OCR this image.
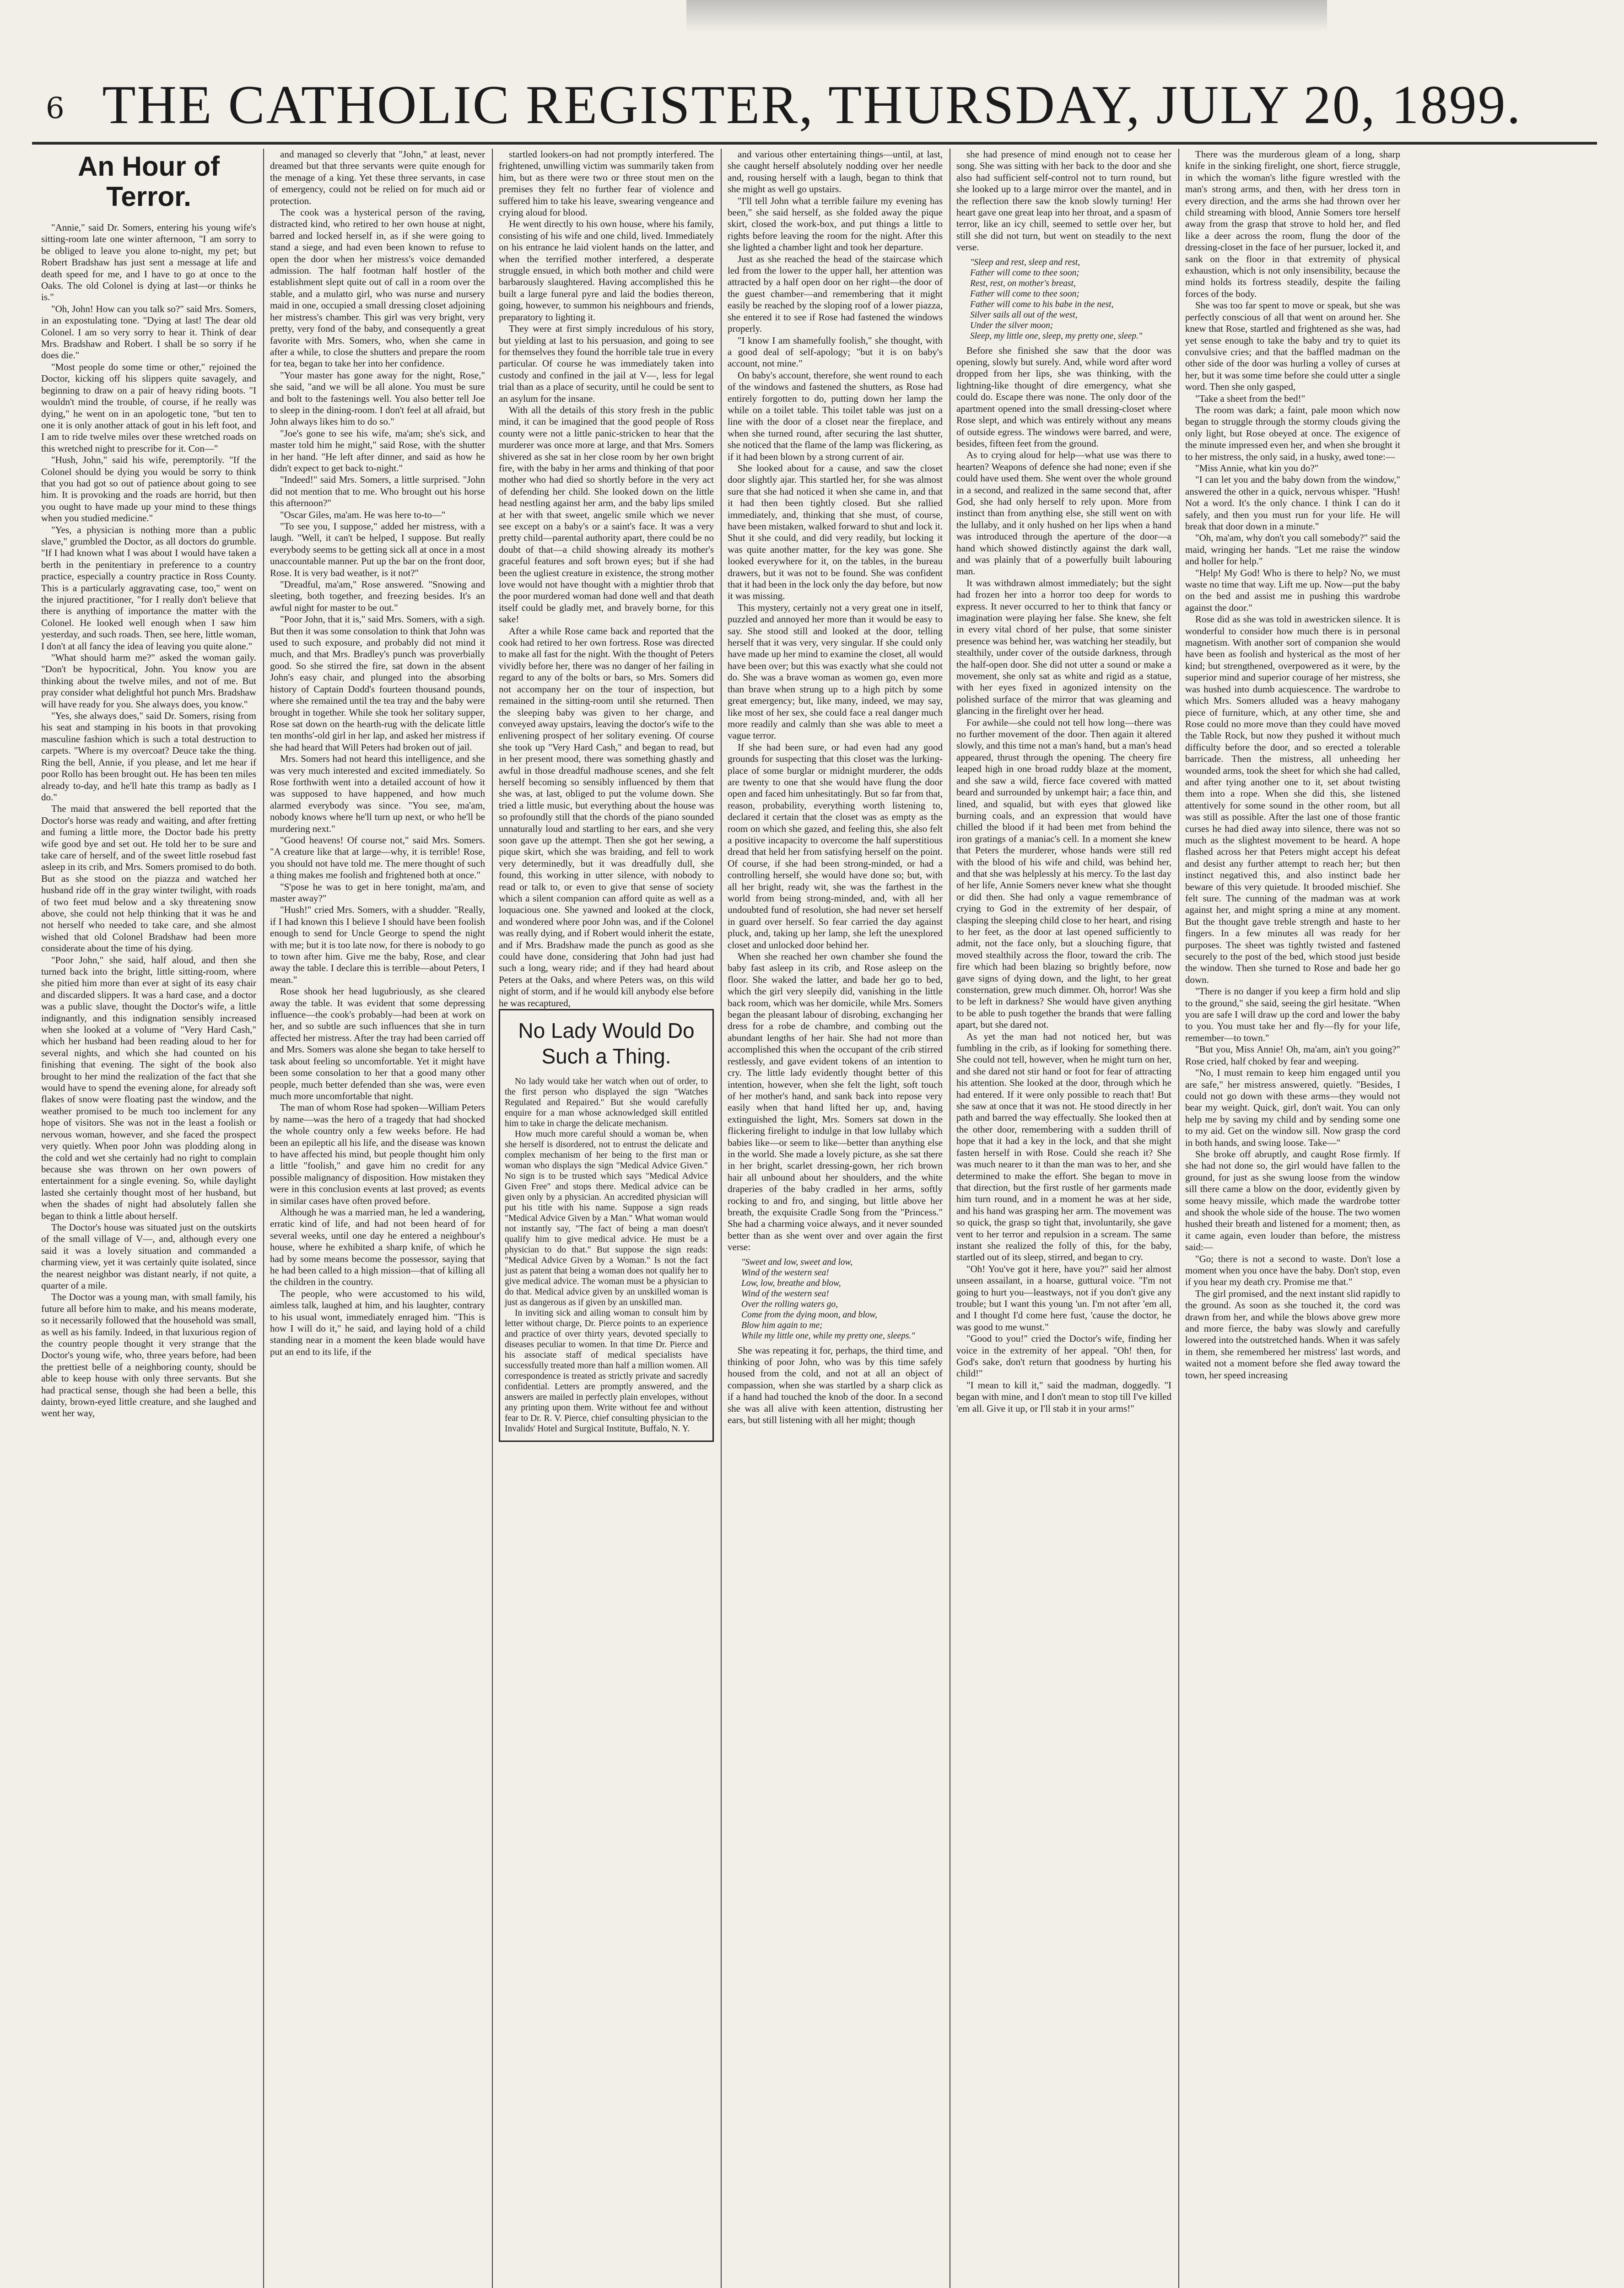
6 THE CATHOLIC REGISTER, THURSDAY, JULY 20, 1899.
An Hour of Terror.

"Annie," said Dr. Somers, entering his young wife's sitting-room late one winter afternoon, "I am sorry to be obliged to leave you alone to-night, my pet; but Robert Bradshaw has just sent a message at life and death speed for me, and I have to go at once to the Oaks. The old Colonel is dying at last—or thinks he is."

"Oh, John! How can you talk so?" said Mrs. Somers, in an expostulating tone. "Dying at last! The dear old Colonel. I am so very sorry to hear it. Think of dear Mrs. Bradshaw and Robert. I shall be so sorry if he does die."

"Most people do some time or other," rejoined the Doctor, kicking off his slippers quite savagely, and beginning to draw on a pair of heavy riding boots. "I wouldn't mind the trouble, of course, if he really was dying," he went on in an apologetic tone, "but ten to one it is only another attack of gout in his left foot, and I am to ride twelve miles over these wretched roads on this wretched night to prescribe for it. Con—"

"Hush, John," said his wife, peremptorily. "If the Colonel should be dying you would be sorry to think that you had got so out of patience about going to see him. It is provoking and the roads are horrid, but then you ought to have made up your mind to these things when you studied medicine."

"Yes, a physician is nothing more than a public slave," grumbled the Doctor, as all doctors do grumble. "If I had known what I was about I would have taken a berth in the penitentiary in preference to a country practice, especially a country practice in Ross County. This is a particularly aggravating case, too," went on the injured practitioner, "for I really don't believe that there is anything of importance the matter with the Colonel. He looked well enough when I saw him yesterday, and such roads. Then, see here, little woman, I don't at all fancy the idea of leaving you quite alone."

"What should harm me?" asked the woman gaily. "Don't be hypocritical, John. You know you are thinking about the twelve miles, and not of me. But pray consider what delightful hot punch Mrs. Bradshaw will have ready for you. She always does, you know."

"Yes, she always does," said Dr. Somers, rising from his seat and stamping in his boots in that provoking masculine fashion which is such a total destruction to carpets. "Where is my overcoat? Deuce take the thing. Ring the bell, Annie, if you please, and let me hear if poor Rollo has been brought out. He has been ten miles already to-day, and he'll hate this tramp as badly as I do."

The maid that answered the bell reported that the Doctor's horse was ready and waiting, and after fretting and fuming a little more, the Doctor bade his pretty wife good bye and set out. He told her to be sure and take care of herself, and of the sweet little rosebud fast asleep in its crib, and Mrs. Somers promised to do both. But as she stood on the piazza and watched her husband ride off in the gray winter twilight, with roads of two feet mud below and a sky threatening snow above, she could not help thinking that it was he and not herself who needed to take care, and she almost wished that old Colonel Bradshaw had been more considerate about the time of his dying.

"Poor John," she said, half aloud, and then she turned back into the bright, little sitting-room, where she pitied him more than ever at sight of its easy chair and discarded slippers. It was a hard case, and a doctor was a public slave, thought the Doctor's wife, a little indignantly, and this indignation sensibly increased when she looked at a volume of "Very Hard Cash," which her husband had been reading aloud to her for several nights, and which she had counted on his finishing that evening. The sight of the book also brought to her mind the realization of the fact that she would have to spend the evening alone, for already soft flakes of snow were floating past the window, and the weather promised to be much too inclement for any hope of visitors. She was not in the least a foolish or nervous woman, however, and she faced the prospect very quietly. When poor John was plodding along in the cold and wet she certainly had no right to complain because she was thrown on her own powers of entertainment for a single evening. So, while daylight lasted she certainly thought most of her husband, but when the shades of night had absolutely fallen she began to think a little about herself.

The Doctor's house was situated just on the outskirts of the small village of V—, and, although every one said it was a lovely situation and commanded a charming view, yet it was certainly quite isolated, since the nearest neighbor was distant nearly, if not quite, a quarter of a mile.

The Doctor was a young man, with small family, his future all before him to make, and his means moderate, so it necessarily followed that the household was small, as well as his family. Indeed, in that luxurious region of the country people thought it very strange that the Doctor's young wife, who, three years before, had been the prettiest belle of a neighboring county, should be able to keep house with only three servants. But she had practical sense, though she had been a belle, this dainty, brown-eyed little creature, and she laughed and went her way,

and managed so cleverly that "John," at least, never dreamed but that three servants were quite enough for the menage of a king. Yet these three servants, in case of emergency, could not be relied on for much aid or protection.

The cook was a hysterical person of the raving, distracted kind, who retired to her own house at night, barred and locked herself in, as if she were going to stand a siege, and had even been known to refuse to open the door when her mistress's voice demanded admission. The half footman half hostler of the establishment slept quite out of call in a room over the stable, and a mulatto girl, who was nurse and nursery maid in one, occupied a small dressing closet adjoining her mistress's chamber. This girl was very bright, very pretty, very fond of the baby, and consequently a great favorite with Mrs. Somers, who, when she came in after a while, to close the shutters and prepare the room for tea, began to take her into her confidence.

"Your master has gone away for the night, Rose," she said, "and we will be all alone. You must be sure and bolt to the fastenings well. You also better tell Joe to sleep in the dining-room. I don't feel at all afraid, but John always likes him to do so."

"Joe's gone to see his wife, ma'am; she's sick, and master told him he might," said Rose, with the shutter in her hand. "He left after dinner, and said as how he didn't expect to get back to-night."

"Indeed!" said Mrs. Somers, a little surprised. "John did not mention that to me. Who brought out his horse this afternoon?"

"Oscar Giles, ma'am. He was here to-to—"

"To see you, I suppose," added her mistress, with a laugh. "Well, it can't be helped, I suppose. But really everybody seems to be getting sick all at once in a most unaccountable manner. Put up the bar on the front door, Rose. It is very bad weather, is it not?"

"Dreadful, ma'am," Rose answered. "Snowing and sleeting, both together, and freezing besides. It's an awful night for master to be out."

"Poor John, that it is," said Mrs. Somers, with a sigh. But then it was some consolation to think that John was used to such exposure, and probably did not mind it much, and that Mrs. Bradley's punch was proverbially good. So she stirred the fire, sat down in the absent John's easy chair, and plunged into the absorbing history of Captain Dodd's fourteen thousand pounds, where she remained until the tea tray and the baby were brought in together. While she took her solitary supper, Rose sat down on the hearth-rug with the delicate little ten months'-old girl in her lap, and asked her mistress if she had heard that Will Peters had broken out of jail.

Mrs. Somers had not heard this intelligence, and she was very much interested and excited immediately. So Rose forthwith went into a detailed account of how it was supposed to have happened, and how much alarmed everybody was since. "You see, ma'am, nobody knows where he'll turn up next, or who he'll be murdering next."

"Good heavens! Of course not," said Mrs. Somers. "A creature like that at large—why, it is terrible! Rose, you should not have told me. The mere thought of such a thing makes me foolish and frightened both at once."

"S'pose he was to get in here tonight, ma'am, and master away?"

"Hush!" cried Mrs. Somers, with a shudder. "Really, if I had known this I believe I should have been foolish enough to send for Uncle George to spend the night with me; but it is too late now, for there is nobody to go to town after him. Give me the baby, Rose, and clear away the table. I declare this is terrible—about Peters, I mean."

Rose shook her head lugubriously, as she cleared away the table. It was evident that some depressing influence—the cook's probably—had been at work on her, and so subtle are such influences that she in turn affected her mistress. After the tray had been carried off and Mrs. Somers was alone she began to take herself to task about feeling so uncomfortable. Yet it might have been some consolation to her that a good many other people, much better defended than she was, were even much more uncomfortable that night.

The man of whom Rose had spoken—William Peters by name—was the hero of a tragedy that had shocked the whole country only a few weeks before. He had been an epileptic all his life, and the disease was known to have affected his mind, but people thought him only a little "foolish," and gave him no credit for any possible malignancy of disposition. How mistaken they were in this conclusion events at last proved; as events in similar cases have often proved before.

Although he was a married man, he led a wandering, erratic kind of life, and had not been heard of for several weeks, until one day he entered a neighbour's house, where he exhibited a sharp knife, of which he had by some means become the possessor, saying that he had been called to a high mission—that of killing all the children in the country.

The people, who were accustomed to his wild, aimless talk, laughed at him, and his laughter, contrary to his usual wont, immediately enraged him. "This is how I will do it," he said, and laying hold of a child standing near in a moment the keen blade would have put an end to its life, if the

startled lookers-on had not promptly interfered. The frightened, unwilling victim was summarily taken from him, but as there were two or three stout men on the premises they felt no further fear of violence and suffered him to take his leave, swearing vengeance and crying aloud for blood.

He went directly to his own house, where his family, consisting of his wife and one child, lived. Immediately on his entrance he laid violent hands on the latter, and when the terrified mother interfered, a desperate struggle ensued, in which both mother and child were barbarously slaughtered. Having accomplished this he built a large funeral pyre and laid the bodies thereon, going, however, to summon his neighbours and friends, preparatory to lighting it.

They were at first simply incredulous of his story, but yielding at last to his persuasion, and going to see for themselves they found the horrible tale true in every particular. Of course he was immediately taken into custody and confined in the jail at V—, less for legal trial than as a place of security, until he could be sent to an asylum for the insane.

With all the details of this story fresh in the public mind, it can be imagined that the good people of Ross county were not a little panic-stricken to hear that the murderer was once more at large, and that Mrs. Somers shivered as she sat in her close room by her own bright fire, with the baby in her arms and thinking of that poor mother who had died so shortly before in the very act of defending her child. She looked down on the little head nestling against her arm, and the baby lips smiled at her with that sweet, angelic smile which we never see except on a baby's or a saint's face. It was a very pretty child—parental authority apart, there could be no doubt of that—a child showing already its mother's graceful features and soft brown eyes; but if she had been the ugliest creature in existence, the strong mother love would not have thought with a mightier throb that the poor murdered woman had done well and that death itself could be gladly met, and bravely borne, for this sake!

After a while Rose came back and reported that the cook had retired to her own fortress. Rose was directed to make all fast for the night. With the thought of Peters vividly before her, there was no danger of her failing in regard to any of the bolts or bars, so Mrs. Somers did not accompany her on the tour of inspection, but remained in the sitting-room until she returned. Then the sleeping baby was given to her charge, and conveyed away upstairs, leaving the doctor's wife to the enlivening prospect of her solitary evening. Of course she took up "Very Hard Cash," and began to read, but in her present mood, there was something ghastly and awful in those dreadful madhouse scenes, and she felt herself becoming so sensibly influenced by them that she was, at last, obliged to put the volume down. She tried a little music, but everything about the house was so profoundly still that the chords of the piano sounded unnaturally loud and startling to her ears, and she very soon gave up the attempt. Then she got her sewing, a pique skirt, which she was braiding, and fell to work very determinedly, but it was dreadfully dull, she found, this working in utter silence, with nobody to read or talk to, or even to give that sense of society which a silent companion can afford quite as well as a loquacious one. She yawned and looked at the clock, and wondered where poor John was, and if the Colonel was really dying, and if Robert would inherit the estate, and if Mrs. Bradshaw made the punch as good as she could have done, considering that John had just had such a long, weary ride; and if they had heard about Peters at the Oaks, and where Peters was, on this wild night of storm, and if he would kill anybody else before he was recaptured,

No Lady Would Do Such a Thing.

No lady would take her watch when out of order, to the first person who displayed the sign "Watches Regulated and Repaired." But she would carefully enquire for a man whose acknowledged skill entitled him to take in charge the delicate mechanism.

How much more careful should a woman be, when she herself is disordered, not to entrust the delicate and complex mechanism of her being to the first man or woman who displays the sign "Medical Advice Given." No sign is to be trusted which says "Medical Advice Given Free" and stops there. Medical advice can be given only by a physician. An accredited physician will put his title with his name. Suppose a sign reads "Medical Advice Given by a Man." What woman would not instantly say, "The fact of being a man doesn't qualify him to give medical advice. He must be a physician to do that." But suppose the sign reads: "Medical Advice Given by a Woman." Is not the fact just as patent that being a woman does not qualify her to give medical advice. The woman must be a physician to do that. Medical advice given by an unskilled woman is just as dangerous as if given by an unskilled man.

In inviting sick and ailing woman to consult him by letter without charge, Dr. Pierce points to an experience and practice of over thirty years, devoted specially to diseases peculiar to women. In that time Dr. Pierce and his associate staff of medical specialists have successfully treated more than half a million women. All correspondence is treated as strictly private and sacredly confidential. Letters are promptly answered, and the answers are mailed in perfectly plain envelopes, without any printing upon them. Write without fee and without fear to Dr. R. V. Pierce, chief consulting physician to the Invalids' Hotel and Surgical Institute, Buffalo, N. Y.

and various other entertaining things—until, at last, she caught herself absolutely nodding over her needle and, rousing herself with a laugh, began to think that she might as well go upstairs.

"I'll tell John what a terrible failure my evening has been," she said herself, as she folded away the pique skirt, closed the work-box, and put things a little to rights before leaving the room for the night. After this she lighted a chamber light and took her departure.

Just as she reached the head of the staircase which led from the lower to the upper hall, her attention was attracted by a half open door on her right—the door of the guest chamber—and remembering that it might easily be reached by the sloping roof of a lower piazza, she entered it to see if Rose had fastened the windows properly.

"I know I am shamefully foolish," she thought, with a good deal of self-apology; "but it is on baby's account, not mine."

On baby's account, therefore, she went round to each of the windows and fastened the shutters, as Rose had entirely forgotten to do, putting down her lamp the while on a toilet table. This toilet table was just on a line with the door of a closet near the fireplace, and when she turned round, after securing the last shutter, she noticed that the flame of the lamp was flickering, as if it had been blown by a strong current of air.

She looked about for a cause, and saw the closet door slightly ajar. This startled her, for she was almost sure that she had noticed it when she came in, and that it had then been tightly closed. But she rallied immediately, and, thinking that she must, of course, have been mistaken, walked forward to shut and lock it. Shut it she could, and did very readily, but locking it was quite another matter, for the key was gone. She looked everywhere for it, on the tables, in the bureau drawers, but it was not to be found. She was confident that it had been in the lock only the day before, but now it was missing.

This mystery, certainly not a very great one in itself, puzzled and annoyed her more than it would be easy to say. She stood still and looked at the door, telling herself that it was very, very singular. If she could only have made up her mind to examine the closet, all would have been over; but this was exactly what she could not do. She was a brave woman as women go, even more than brave when strung up to a high pitch by some great emergency; but, like many, indeed, we may say, like most of her sex, she could face a real danger much more readily and calmly than she was able to meet a vague terror.

If she had been sure, or had even had any good grounds for suspecting that this closet was the lurking-place of some burglar or midnight murderer, the odds are twenty to one that she would have flung the door open and faced him unhesitatingly. But so far from that, reason, probability, everything worth listening to, declared it certain that the closet was as empty as the room on which she gazed, and feeling this, she also felt a positive incapacity to overcome the half superstitious dread that held her from satisfying herself on the point. Of course, if she had been strong-minded, or had a controlling herself, she would have done so; but, with all her bright, ready wit, she was the farthest in the world from being strong-minded, and, with all her undoubted fund of resolution, she had never set herself in guard over herself. So fear carried the day against pluck, and, taking up her lamp, she left the unexplored closet and unlocked door behind her.

When she reached her own chamber she found the baby fast asleep in its crib, and Rose asleep on the floor. She waked the latter, and bade her go to bed, which the girl very sleepily did, vanishing in the little back room, which was her domicile, while Mrs. Somers began the pleasant labour of disrobing, exchanging her dress for a robe de chambre, and combing out the abundant lengths of her hair. She had not more than accomplished this when the occupant of the crib stirred restlessly, and gave evident tokens of an intention to cry. The little lady evidently thought better of this intention, however, when she felt the light, soft touch of her mother's hand, and sank back into repose very easily when that hand lifted her up, and, having extinguished the light, Mrs. Somers sat down in the flickering firelight to indulge in that low lullaby which babies like—or seem to like—better than anything else in the world. She made a lovely picture, as she sat there in her bright, scarlet dressing-gown, her rich brown hair all unbound about her shoulders, and the white draperies of the baby cradled in her arms, softly rocking to and fro, and singing, but little above her breath, the exquisite Cradle Song from the "Princess." She had a charming voice always, and it never sounded better than as she went over and over again the first verse:

"Sweet and low, sweet and low,
Wind of the western sea!
Low, low, breathe and blow,
Wind of the western sea!
Over the rolling waters go,
Come from the dying moon, and blow,
Blow him again to me;
While my little one, while my pretty one, sleeps."

She was repeating it for, perhaps, the third time, and thinking of poor John, who was by this time safely housed from the cold, and not at all an object of compassion, when she was startled by a sharp click as if a hand had touched the knob of the door. In a second she was all alive with keen attention, distrusting her ears, but still listening with all her might; though

she had presence of mind enough not to cease her song. She was sitting with her back to the door and she also had sufficient self-control not to turn round, but she looked up to a large mirror over the mantel, and in the reflection there saw the knob slowly turning! Her heart gave one great leap into her throat, and a spasm of terror, like an icy chill, seemed to settle over her, but still she did not turn, but went on steadily to the next verse.

"Sleep and rest, sleep and rest,
Father will come to thee soon;
Rest, rest, on mother's breast,
Father will come to thee soon;
Father will come to his babe in the nest,
Silver sails all out of the west,
Under the silver moon;
Sleep, my little one, sleep, my pretty one, sleep."

Before she finished she saw that the door was opening, slowly but surely. And, while word after word dropped from her lips, she was thinking, with the lightning-like thought of dire emergency, what she could do. Escape there was none. The only door of the apartment opened into the small dressing-closet where Rose slept, and which was entirely without any means of outside egress. The windows were barred, and were, besides, fifteen feet from the ground.

As to crying aloud for help—what use was there to hearten? Weapons of defence she had none; even if she could have used them. She went over the whole ground in a second, and realized in the same second that, after God, she had only herself to rely upon. More from instinct than from anything else, she still went on with the lullaby, and it only hushed on her lips when a hand was introduced through the aperture of the door—a hand which showed distinctly against the dark wall, and was plainly that of a powerfully built labouring man.

It was withdrawn almost immediately; but the sight had frozen her into a horror too deep for words to express. It never occurred to her to think that fancy or imagination were playing her false. She knew, she felt in every vital chord of her pulse, that some sinister presence was behind her, was watching her steadily, but stealthily, under cover of the outside darkness, through the half-open door. She did not utter a sound or make a movement, she only sat as white and rigid as a statue, with her eyes fixed in agonized intensity on the polished surface of the mirror that was gleaming and glancing in the firelight over her head.

For awhile—she could not tell how long—there was no further movement of the door. Then again it altered slowly, and this time not a man's hand, but a man's head appeared, thrust through the opening. The cheery fire leaped high in one broad ruddy blaze at the moment, and she saw a wild, fierce face covered with matted beard and surrounded by unkempt hair; a face thin, and lined, and squalid, but with eyes that glowed like burning coals, and an expression that would have chilled the blood if it had been met from behind the iron gratings of a maniac's cell. In a moment she knew that Peters the murderer, whose hands were still red with the blood of his wife and child, was behind her, and that she was helplessly at his mercy. To the last day of her life, Annie Somers never knew what she thought or did then. She had only a vague remembrance of crying to God in the extremity of her despair, of clasping the sleeping child close to her heart, and rising to her feet, as the door at last opened sufficiently to admit, not the face only, but a slouching figure, that moved stealthily across the floor, toward the crib. The fire which had been blazing so brightly before, now gave signs of dying down, and the light, to her great consternation, grew much dimmer. Oh, horror! Was she to be left in darkness? She would have given anything to be able to push together the brands that were falling apart, but she dared not.

As yet the man had not noticed her, but was fumbling in the crib, as if looking for something there. She could not tell, however, when he might turn on her, and she dared not stir hand or foot for fear of attracting his attention. She looked at the door, through which he had entered. If it were only possible to reach that! But she saw at once that it was not. He stood directly in her path and barred the way effectually. She looked then at the other door, remembering with a sudden thrill of hope that it had a key in the lock, and that she might fasten herself in with Rose. Could she reach it? She was much nearer to it than the man was to her, and she determined to make the effort. She began to move in that direction, but the first rustle of her garments made him turn round, and in a moment he was at her side, and his hand was grasping her arm. The movement was so quick, the grasp so tight that, involuntarily, she gave vent to her terror and repulsion in a scream. The same instant she realized the folly of this, for the baby, startled out of its sleep, stirred, and began to cry.

"Oh! You've got it here, have you?" said her almost unseen assailant, in a hoarse, guttural voice. "I'm not going to hurt you—leastways, not if you don't give any trouble; but I want this young 'un. I'm not after 'em all, and I thought I'd come here fust, 'cause the doctor, he was good to me wunst."

"Good to you!" cried the Doctor's wife, finding her voice in the extremity of her appeal. "Oh! then, for God's sake, don't return that goodness by hurting his child!"

"I mean to kill it," said the madman, doggedly. "I began with mine, and I don't mean to stop till I've killed 'em all. Give it up, or I'll stab it in your arms!"

There was the murderous gleam of a long, sharp knife in the sinking firelight, one short, fierce struggle, in which the woman's lithe figure wrestled with the man's strong arms, and then, with her dress torn in every direction, and the arms she had thrown over her child streaming with blood, Annie Somers tore herself away from the grasp that strove to hold her, and fled like a deer across the room, flung the door of the dressing-closet in the face of her pursuer, locked it, and sank on the floor in that extremity of physical exhaustion, which is not only insensibility, because the mind holds its fortress steadily, despite the failing forces of the body.

She was too far spent to move or speak, but she was perfectly conscious of all that went on around her. She knew that Rose, startled and frightened as she was, had yet sense enough to take the baby and try to quiet its convulsive cries; and that the baffled madman on the other side of the door was hurling a volley of curses at her, but it was some time before she could utter a single word. Then she only gasped,

"Take a sheet from the bed!"

The room was dark; a faint, pale moon which now began to struggle through the stormy clouds giving the only light, but Rose obeyed at once. The exigence of the minute impressed even her, and when she brought it to her mistress, the only said, in a husky, awed tone:—

"Miss Annie, what kin you do?"

"I can let you and the baby down from the window," answered the other in a quick, nervous whisper. "Hush! Not a word. It's the only chance. I think I can do it safely, and then you must run for your life. He will break that door down in a minute."

"Oh, ma'am, why don't you call somebody?" said the maid, wringing her hands. "Let me raise the window and holler for help."

"Help! My God! Who is there to help? No, we must waste no time that way. Lift me up. Now—put the baby on the bed and assist me in pushing this wardrobe against the door."

Rose did as she was told in awestricken silence. It is wonderful to consider how much there is in personal magnetism. With another sort of companion she would have been as foolish and hysterical as the most of her kind; but strengthened, overpowered as it were, by the superior mind and superior courage of her mistress, she was hushed into dumb acquiescence. The wardrobe to which Mrs. Somers alluded was a heavy mahogany piece of furniture, which, at any other time, she and Rose could no more move than they could have moved the Table Rock, but now they pushed it without much difficulty before the door, and so erected a tolerable barricade. Then the mistress, all unheeding her wounded arms, took the sheet for which she had called, and after tying another one to it, set about twisting them into a rope. When she did this, she listened attentively for some sound in the other room, but all was still as possible. After the last one of those frantic curses he had died away into silence, there was not so much as the slightest movement to be heard. A hope flashed across her that Peters might accept his defeat and desist any further attempt to reach her; but then instinct negatived this, and also instinct bade her beware of this very quietude. It brooded mischief. She felt sure. The cunning of the madman was at work against her, and might spring a mine at any moment. But the thought gave treble strength and haste to her fingers. In a few minutes all was ready for her purposes. The sheet was tightly twisted and fastened securely to the post of the bed, which stood just beside the window. Then she turned to Rose and bade her go down.

"There is no danger if you keep a firm hold and slip to the ground," she said, seeing the girl hesitate. "When you are safe I will draw up the cord and lower the baby to you. You must take her and fly—fly for your life, remember—to town."

"But you, Miss Annie! Oh, ma'am, ain't you going?" Rose cried, half choked by fear and weeping.

"No, I must remain to keep him engaged until you are safe," her mistress answered, quietly. "Besides, I could not go down with these arms—they would not bear my weight. Quick, girl, don't wait. You can only help me by saving my child and by sending some one to my aid. Get on the window sill. Now grasp the cord in both hands, and swing loose. Take—"

She broke off abruptly, and caught Rose firmly. If she had not done so, the girl would have fallen to the ground, for just as she swung loose from the window sill there came a blow on the door, evidently given by some heavy missile, which made the wardrobe totter and shook the whole side of the house. The two women hushed their breath and listened for a moment; then, as it came again, even louder than before, the mistress said:—

"Go; there is not a second to waste. Don't lose a moment when you once have the baby. Don't stop, even if you hear my death cry. Promise me that."

The girl promised, and the next instant slid rapidly to the ground. As soon as she touched it, the cord was drawn from her, and while the blows above grew more and more fierce, the baby was slowly and carefully lowered into the outstretched hands. When it was safely in them, she remembered her mistress' last words, and waited not a moment before she fled away toward the town, her speed increasing
